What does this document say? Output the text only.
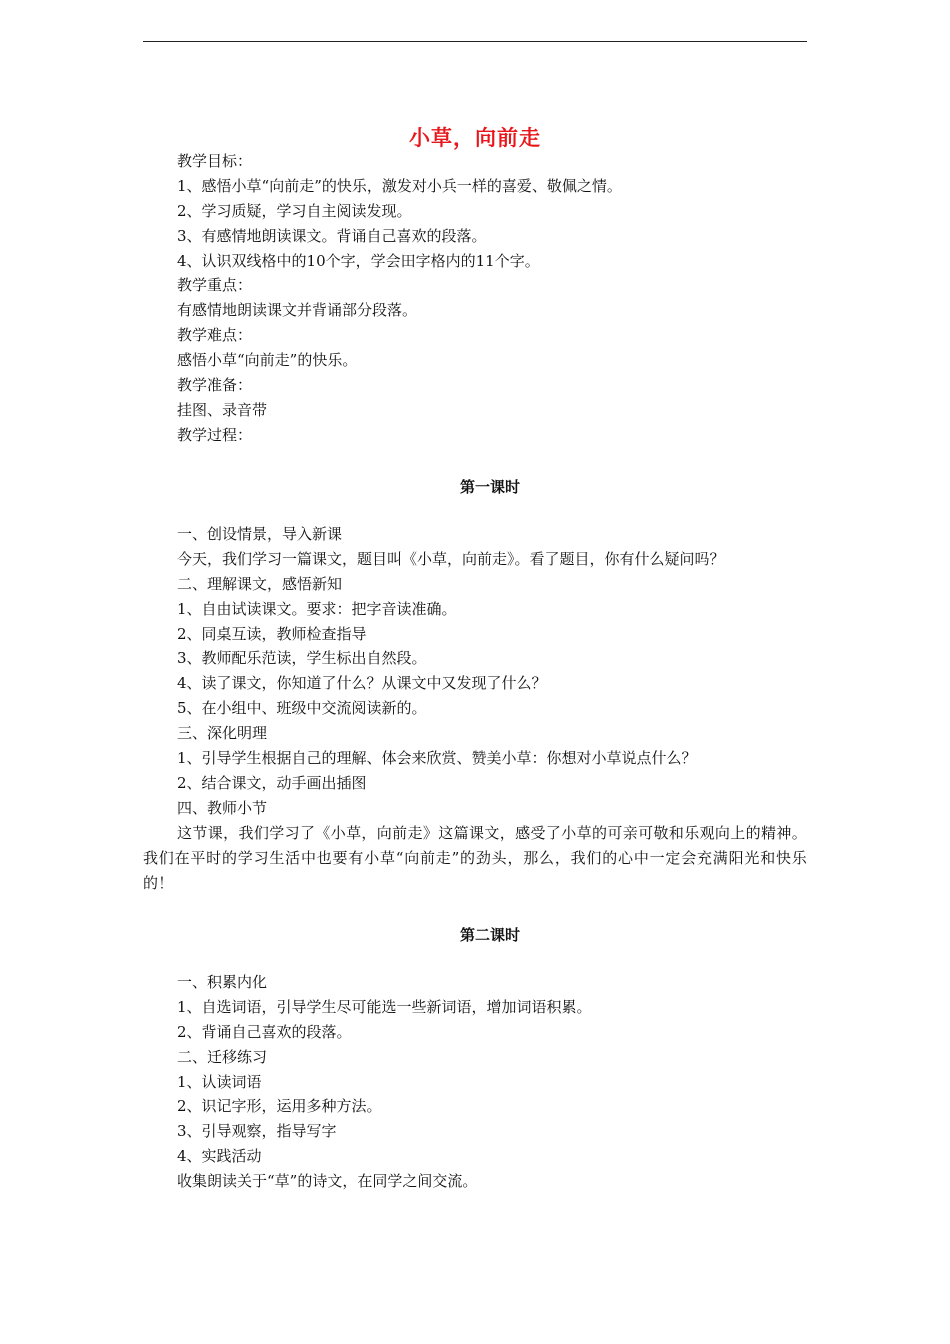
小草，向前走
教学目标：
1、感悟小草“向前走”的快乐，激发对小兵一样的喜爱、敬佩之情。
2、学习质疑，学习自主阅读发现。
3、有感情地朗读课文。背诵自己喜欢的段落。
4、认识双线格中的10个字，学会田字格内的11个字。
教学重点：
有感情地朗读课文并背诵部分段落。
教学难点：
感悟小草“向前走”的快乐。
教学准备：
挂图、录音带
教学过程：
第一课时
一、创设情景，导入新课
今天，我们学习一篇课文，题目叫《小草，向前走》。看了题目，你有什么疑问吗？
二、理解课文，感悟新知
1、自由试读课文。要求：把字音读准确。
2、同桌互读，教师检查指导
3、教师配乐范读，学生标出自然段。
4、读了课文，你知道了什么？从课文中又发现了什么？
5、在小组中、班级中交流阅读新的。
三、深化明理
1、引导学生根据自己的理解、体会来欣赏、赞美小草：你想对小草说点什么？
2、结合课文，动手画出插图
四、教师小节
这节课，我们学习了《小草，向前走》这篇课文，感受了小草的可亲可敬和乐观向上的精神。我们在平时的学习生活中也要有小草“向前走”的劲头，那么，我们的心中一定会充满阳光和快乐的！
第二课时
一、积累内化
1、自选词语，引导学生尽可能选一些新词语，增加词语积累。
2、背诵自己喜欢的段落。
二、迁移练习
1、认读词语
2、识记字形，运用多种方法。
3、引导观察，指导写字
4、实践活动
收集朗读关于“草”的诗文，在同学之间交流。
